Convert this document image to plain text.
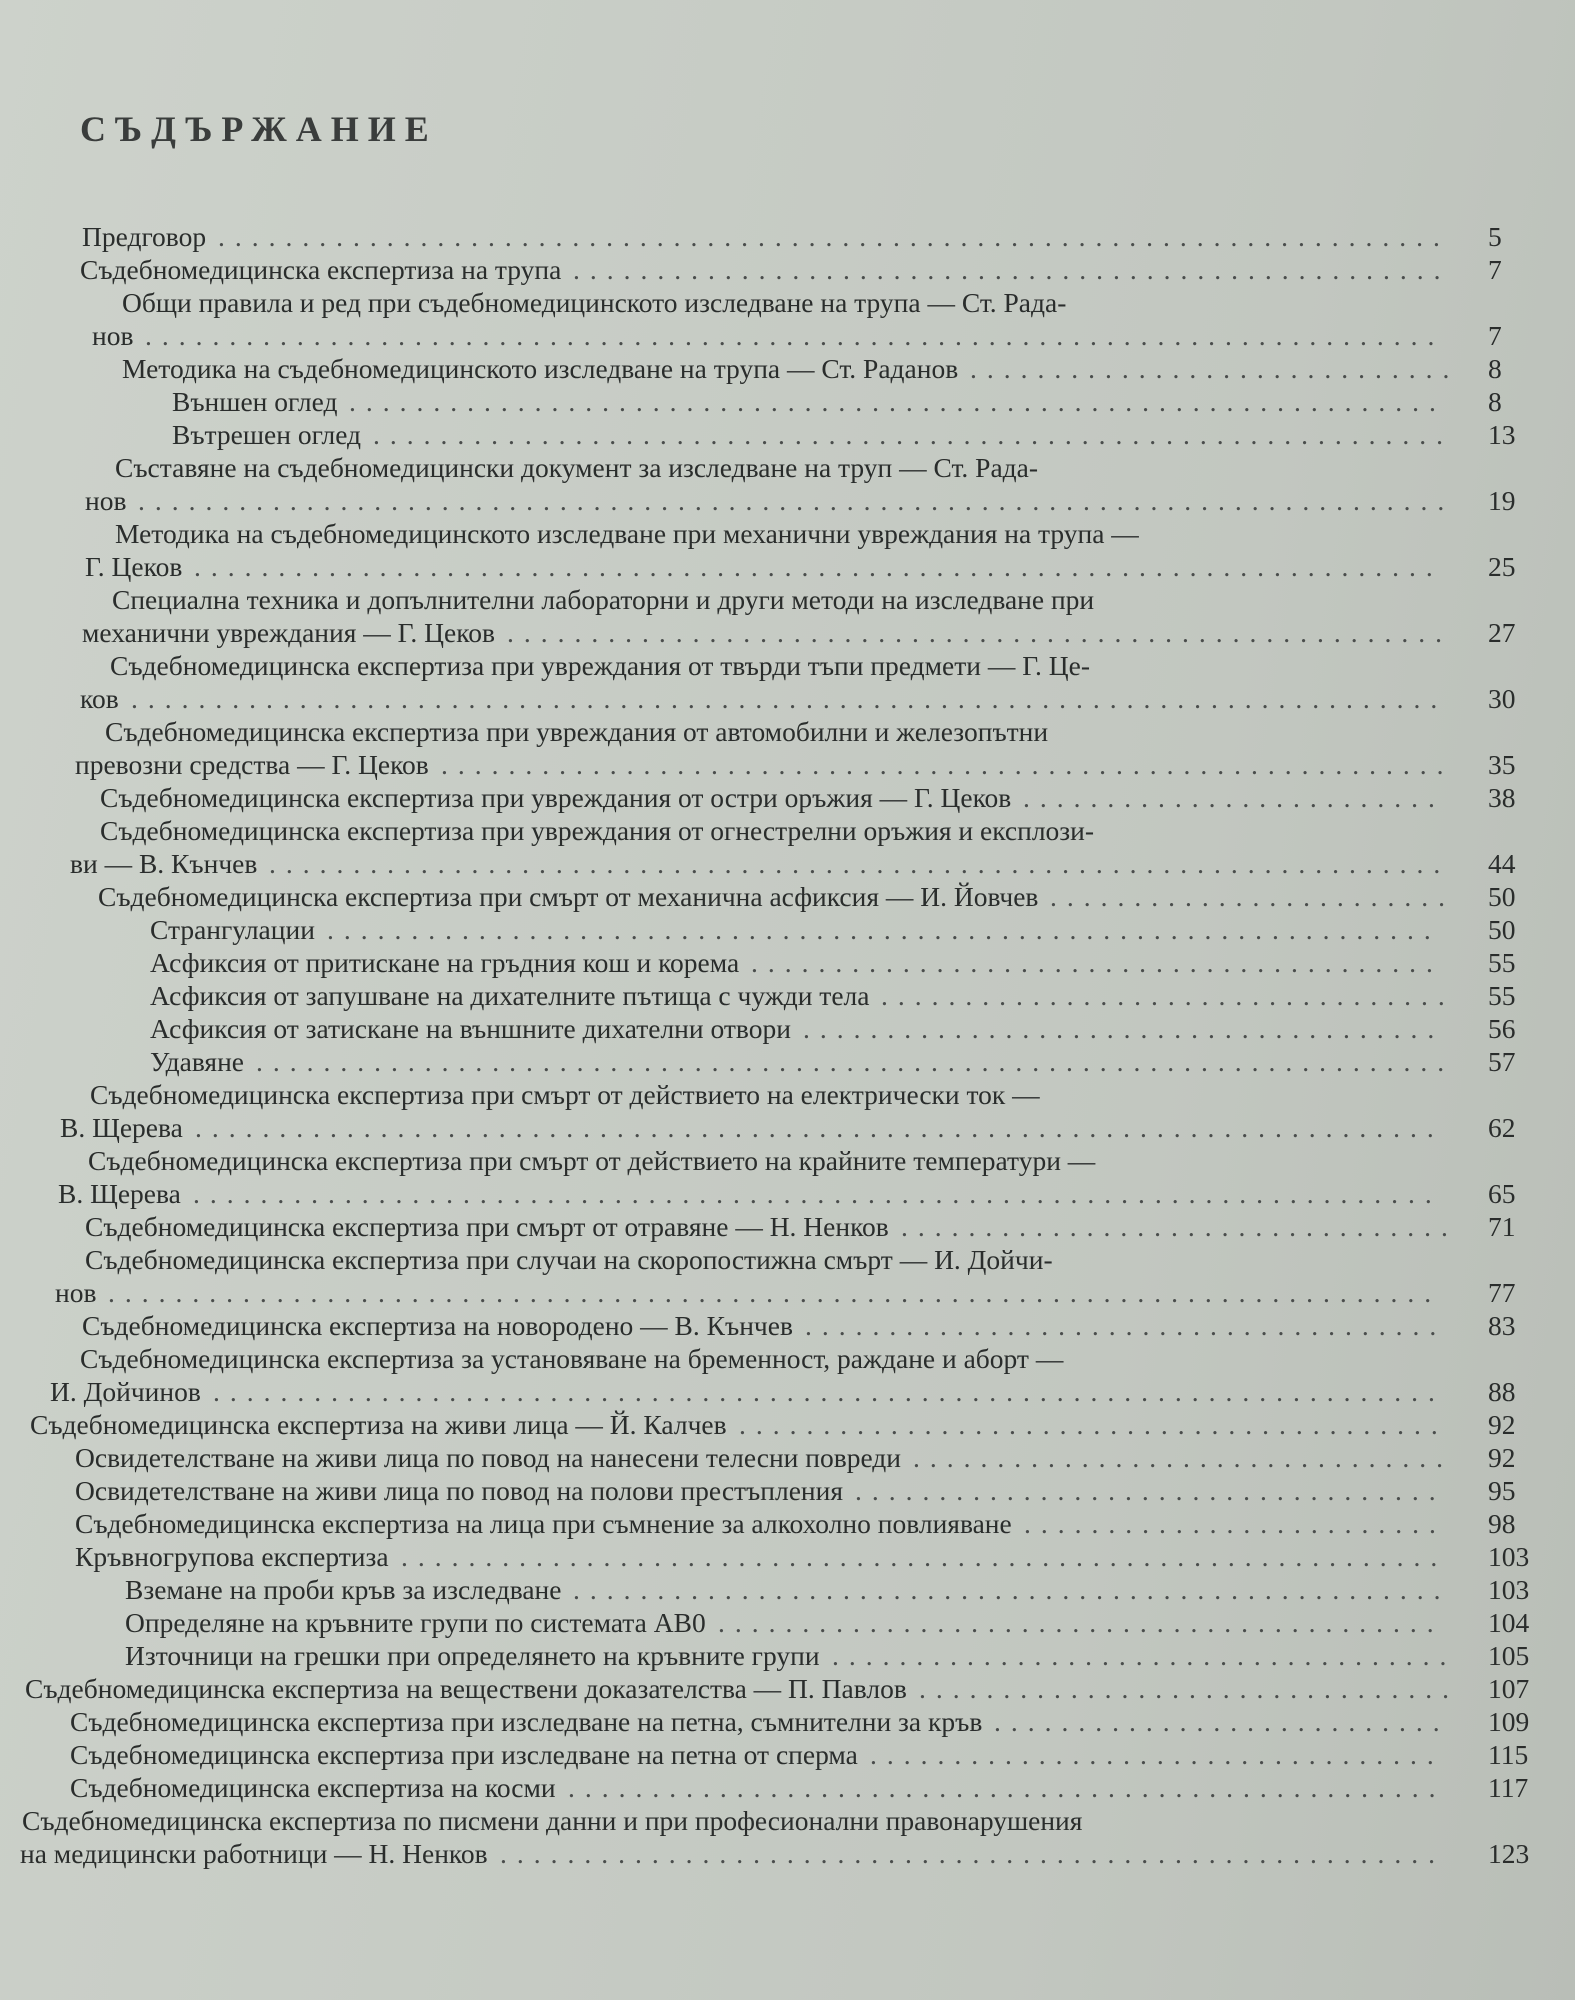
СЪДЪРЖАНИЕ
Предговор ......................................................................... 5
Съдебномедицинска експертиза на трупа .................................................... 7
Общи правила и ред при съдебномедицинското изследване на трупа — Ст. Рада-
нов ............................................................................. 7
Методика на съдебномедицинското изследване на трупа — Ст. Радaнов ............................. 8
Външен оглед ................................................................. 8
Вътрешен оглед ................................................................ 13
Съставяне на съдебномедицински документ за изследване на труп — Ст. Рада-
нов .............................................................................. 19
Методика на съдебномедицинското изследване при механични увреждания на трупа —
Г. Цеков .......................................................................... 25
Специална техника и допълнителни лабораторни и други методи на изследване при
механични увреждания — Г. Цеков ........................................................ 27
Съдебномедицинска експертиза при увреждания от твърди тъпи предмети — Г. Це-
ков .............................................................................. 30
Съдебномедицинска експертиза при увреждания от автомобилни и железопътни
превозни средства — Г. Цеков ............................................................ 35
Съдебномедицинска експертиза при увреждания от остри оръжия — Г. Цеков ......................... 38
Съдебномедицинска експертиза при увреждания от огнестрелни оръжия и експлози-
ви — В. Кънчев ...................................................................... 44
Съдебномедицинска експертиза при смърт от механична асфиксия — И. Йовчев ........................ 50
Странгулации .................................................................. 50
Асфиксия от притискане на гръдния кош и корема ......................................... 55
Асфиксия от запушване на дихателните пътища с чужди тела .................................. 55
Асфиксия от затискане на външните дихателни отвори ...................................... 56
Удавяне ....................................................................... 57
Съдебномедицинска експертиза при смърт от действието на електрически ток —
В. Щерева .......................................................................... 62
Съдебномедицинска експертиза при смърт от действието на крайните температури —
В. Щерева .......................................................................... 65
Съдебномедицинска експертиза при смърт от отравяне — Н. Ненков ................................. 71
Съдебномедицинска експертиза при случаи на скоропостижна смърт — И. Дойчи-
нов ............................................................................... 77
Съдебномедицинска експертиза на новородено — В. Кънчев ...................................... 83
Съдебномедицинска експертиза за установяване на бременност, раждане и аборт —
И. Дойчинов ......................................................................... 88
Съдебномедицинска експертиза на живи лица — Й. Калчев .......................................... 92
Освидетелстване на живи лица по повод на нанесени телесни повреди ................................ 92
Освидетелстване на живи лица по повод на полови престъпления ................................... 95
Съдебномедицинска експертиза на лица при съмнение за алкохолно повлияване ......................... 98
Кръвногрупова експертиза .............................................................. 103
Вземане на проби кръв за изследване .................................................... 103
Определяне на кръвните групи по системата АВ0 ........................................... 104
Източници на грешки при определянето на кръвните групи ..................................... 105
Съдебномедицинска експертиза на веществени доказателства — П. Павлов ................................ 107
Съдебномедицинска експертиза при изследване на петна, съмнителни за кръв ........................... 109
Съдебномедицинска експертиза при изследване на петна от сперма .................................. 115
Съдебномедицинска експертиза на косми .................................................... 117
Съдебномедицинска експертиза по писмени данни и при професионални правонарушения
на медицински работници — Н. Ненков ........................................................ 123
